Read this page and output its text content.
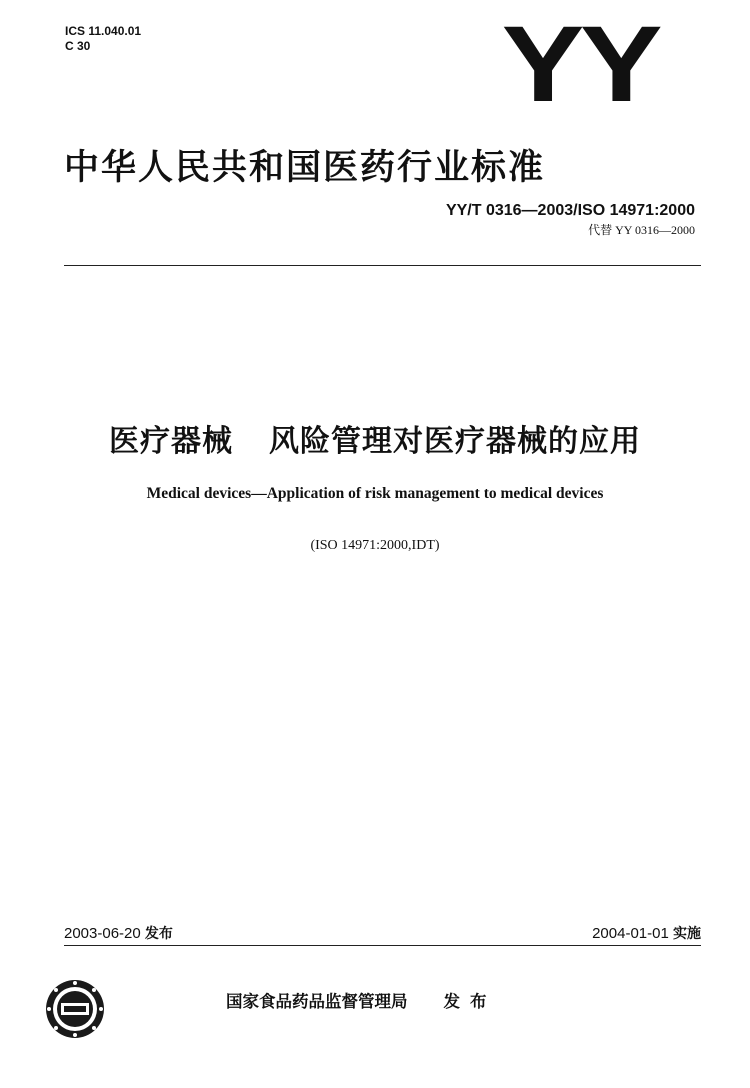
ICS 11.040.01
C 30	YY
中华人民共和国医药行业标准
YY/T 0316—2003/ISO 14971:2000
代替 YY 0316—2000
医疗器械 风险管理对医疗器械的应用
Medical devices—Application of risk management to medical devices
(ISO 14971:2000,IDT)
2003-06-20 发布	2004-01-01 实施
国家食品药品监督管理局 发布
